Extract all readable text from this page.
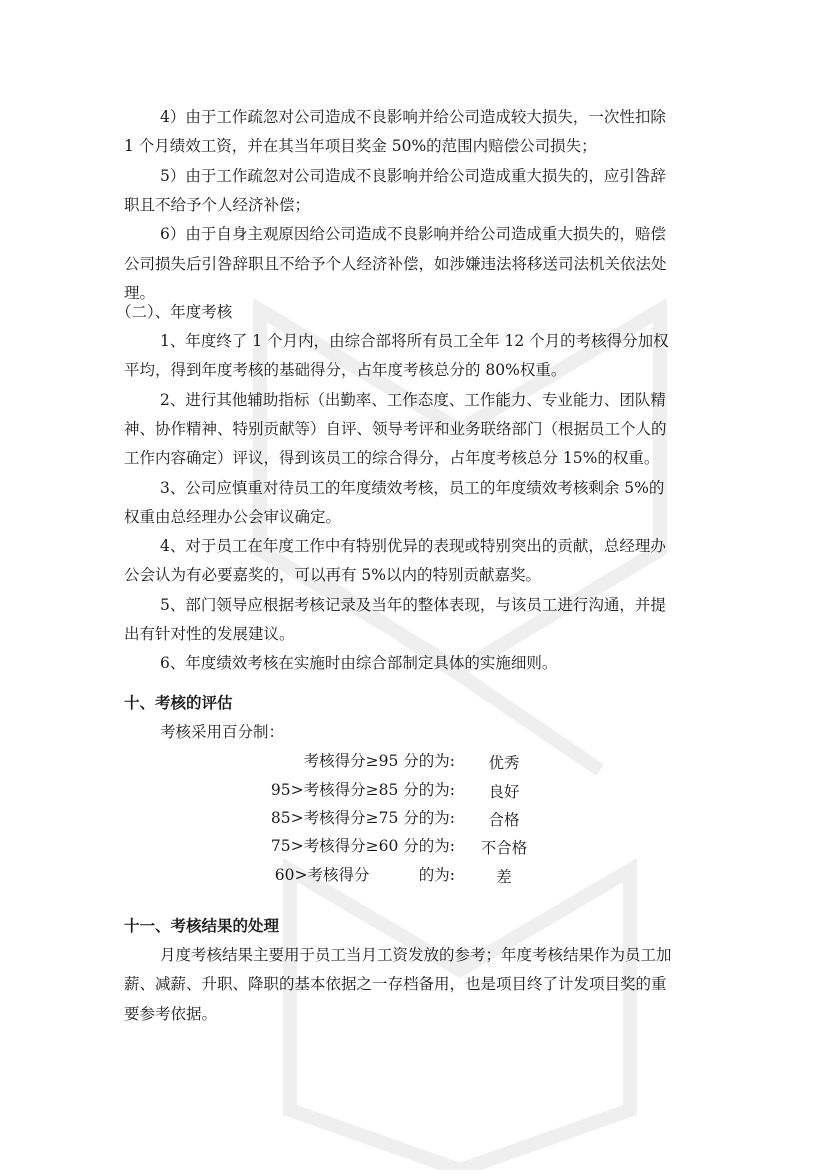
4）由于工作疏忽对公司造成不良影响并给公司造成较大损失，一次性扣除
1 个月绩效工资，并在其当年项目奖金 50%的范围内赔偿公司损失；
5）由于工作疏忽对公司造成不良影响并给公司造成重大损失的，应引咎辞
职且不给予个人经济补偿；
6）由于自身主观原因给公司造成不良影响并给公司造成重大损失的，赔偿
公司损失后引咎辞职且不给予个人经济补偿，如涉嫌违法将移送司法机关依法处
理。
（二）、年度考核
1、年度终了 1 个月内，由综合部将所有员工全年 12 个月的考核得分加权
平均，得到年度考核的基础得分，占年度考核总分的 80%权重。
2、进行其他辅助指标（出勤率、工作态度、工作能力、专业能力、团队精
神、协作精神、特别贡献等）自评、领导考评和业务联络部门（根据员工个人的
工作内容确定）评议，得到该员工的综合得分，占年度考核总分 15%的权重。
3、公司应慎重对待员工的年度绩效考核，员工的年度绩效考核剩余 5%的
权重由总经理办公会审议确定。
4、对于员工在年度工作中有特别优异的表现或特别突出的贡献，总经理办
公会认为有必要嘉奖的，可以再有 5%以内的特别贡献嘉奖。
5、部门领导应根据考核记录及当年的整体表现，与该员工进行沟通，并提
出有针对性的发展建议。
6、年度绩效考核在实施时由综合部制定具体的实施细则。
十、考核的评估
考核采用百分制：
考核得分≥95 分的为:	优秀
95>考核得分≥85 分的为:	良好
85>考核得分≥75 分的为:	合格
75>考核得分≥60 分的为:	不合格
60>考核得分          的为:	差
十一、考核结果的处理
月度考核结果主要用于员工当月工资发放的参考；年度考核结果作为员工加
薪、减薪、升职、降职的基本依据之一存档备用，也是项目终了计发项目奖的重
要参考依据。
